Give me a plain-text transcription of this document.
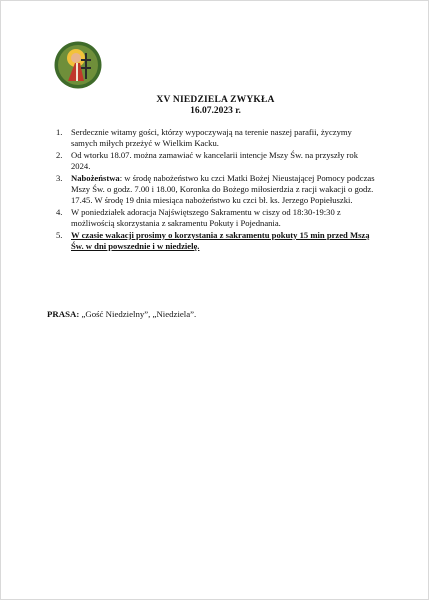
XV NIEDZIELA ZWYKŁA
16.07.2023 r.
1. Serdecznie witamy gości, którzy wypoczywają na terenie naszej parafii, życzymy samych miłych przeżyć w Wielkim Kacku.
2. Od wtorku 18.07. można zamawiać w kancelarii intencje Mszy Św. na przyszły rok 2024.
3. Nabożeństwa: w środę nabożeństwo ku czci Matki Bożej Nieustającej Pomocy podczas Mszy Św. o godz. 7.00 i 18.00, Koronka do Bożego miłosierdzia z racji wakacji o godz. 17.45. W środę 19 dnia miesiąca nabożeństwo ku czci bł. ks. Jerzego Popiełuszki.
4. W poniedziałek adoracja Najświętszego Sakramentu w ciszy od 18:30-19:30 z możliwością skorzystania z sakramentu Pokuty i Pojednania.
5. W czasie wakacji prosimy o korzystania z sakramentu pokuty 15 min przed Mszą Św. w dni powszednie i w niedzielę.
PRASA: „Gość Niedzielny”, „Niedziela”.
